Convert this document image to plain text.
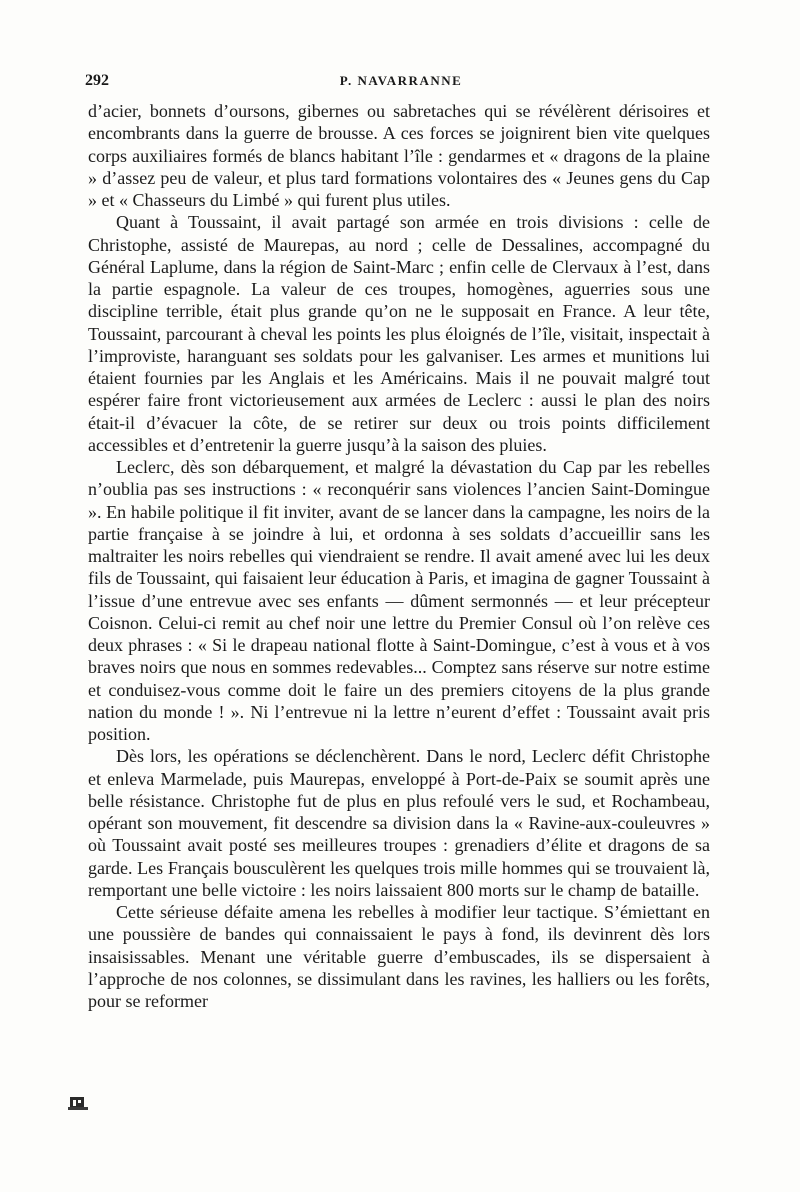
292	P. NAVARRANNE

d’acier, bonnets d’oursons, gibernes ou sabretaches qui se révélèrent dérisoires et encombrants dans la guerre de brousse. A ces forces se joignirent bien vite quelques corps auxiliaires formés de blancs habitant l’île : gendarmes et « dragons de la plaine » d’assez peu de valeur, et plus tard formations volontaires des « Jeunes gens du Cap » et « Chasseurs du Limbé » qui furent plus utiles.

Quant à Toussaint, il avait partagé son armée en trois divisions : celle de Christophe, assisté de Maurepas, au nord ; celle de Dessalines, accompagné du Général Laplume, dans la région de Saint-Marc ; enfin celle de Clervaux à l’est, dans la partie espagnole. La valeur de ces troupes, homogènes, aguerries sous une discipline terrible, était plus grande qu’on ne le supposait en France. A leur tête, Toussaint, parcourant à cheval les points les plus éloignés de l’île, visitait, inspectait à l’improviste, haranguant ses soldats pour les galvaniser. Les armes et munitions lui étaient fournies par les Anglais et les Américains. Mais il ne pouvait malgré tout espérer faire front victorieusement aux armées de Leclerc : aussi le plan des noirs était-il d’évacuer la côte, de se retirer sur deux ou trois points difficilement accessibles et d’entretenir la guerre jusqu’à la saison des pluies.

Leclerc, dès son débarquement, et malgré la dévastation du Cap par les rebelles n’oublia pas ses instructions : « reconquérir sans violences l’ancien Saint-Domingue ». En habile politique il fit inviter, avant de se lancer dans la campagne, les noirs de la partie française à se joindre à lui, et ordonna à ses soldats d’accueillir sans les maltraiter les noirs rebelles qui viendraient se rendre. Il avait amené avec lui les deux fils de Toussaint, qui faisaient leur éducation à Paris, et imagina de gagner Toussaint à l’issue d’une entrevue avec ses enfants — dûment sermonnés — et leur précepteur Coisnon. Celui-ci remit au chef noir une lettre du Premier Consul où l’on relève ces deux phrases : « Si le drapeau national flotte à Saint-Domingue, c’est à vous et à vos braves noirs que nous en sommes redevables... Comptez sans réserve sur notre estime et conduisez-vous comme doit le faire un des premiers citoyens de la plus grande nation du monde ! ». Ni l’entrevue ni la lettre n’eurent d’effet : Toussaint avait pris position.

Dès lors, les opérations se déclenchèrent. Dans le nord, Leclerc défit Christophe et enleva Marmelade, puis Maurepas, enveloppé à Port-de-Paix se soumit après une belle résistance. Christophe fut de plus en plus refoulé vers le sud, et Rochambeau, opérant son mouvement, fit descendre sa division dans la « Ravine-aux-couleuvres » où Toussaint avait posté ses meilleures troupes : grenadiers d’élite et dragons de sa garde. Les Français bousculèrent les quelques trois mille hommes qui se trouvaient là, remportant une belle victoire : les noirs laissaient 800 morts sur le champ de bataille.

Cette sérieuse défaite amena les rebelles à modifier leur tactique. S’émiettant en une poussière de bandes qui connaissaient le pays à fond, ils devinrent dès lors insaisissables. Menant une véritable guerre d’embuscades, ils se dispersaient à l’approche de nos colonnes, se dissimulant dans les ravines, les halliers ou les forêts, pour se reformer
